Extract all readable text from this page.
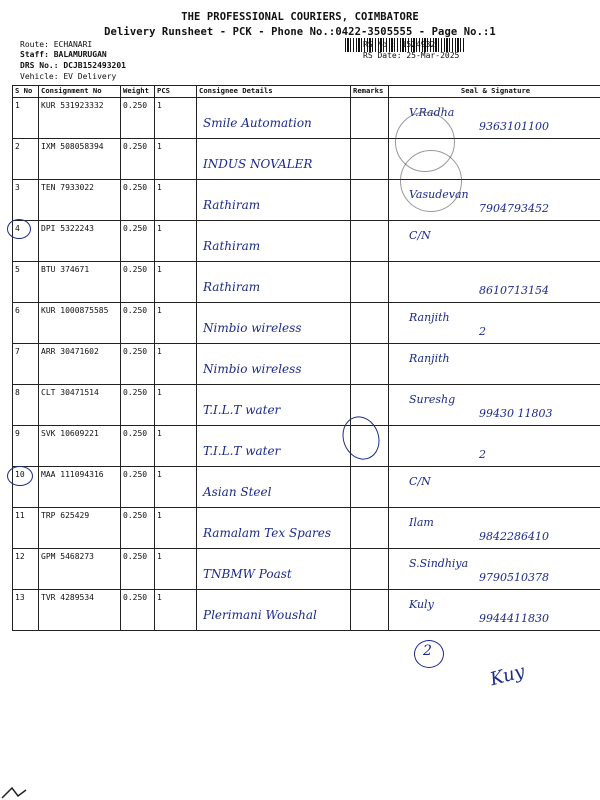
THE PROFESSIONAL COURIERS, COIMBATORE
Delivery Runsheet - PCK - Phone No.:0422-3505555 - Page No.:1
Route: ECHANARI
Staff: BALAMURUGAN
DRS No.: DCJB152493201
Vehicle: EV Delivery
RS No.: 1524932
RS Date: 25-Mar-2025
S No	Consignment No	Weight	PCS	Consignee Details	Remarks	Seal & Signature

1	KUR 531923332	0.250	1	Smile Automation		V.Radha
9363101100

2	IXM 508058394	0.250	1	INDUS NOVALER		

3	TEN 7933022	0.250	1	Rathiram		Vasudevan
7904793452

4	DPI 5322243	0.250	1	Rathiram		C/N

5	BTU 374671	0.250	1	Rathiram		8610713154

6	KUR 1000875585	0.250	1	Nimbio wireless		Ranjith
2

7	ARR 30471602	0.250	1	Nimbio wireless		Ranjith

8	CLT 30471514	0.250	1	T.I.L.T water		Sureshg
99430 11803

9	SVK 10609221	0.250	1	T.I.L.T water		2

10	MAA 111094316	0.250	1	Asian Steel		C/N

11	TRP 625429	0.250	1	Ramalam Tex Spares		Ilam
9842286410

12	GPM 5468273	0.250	1	TNBMW Poast		S.Sindhiya
9790510378

13	TVR 4289534	0.250	1	Plerimani Woushal		Kuly
9944411830
2
Kuy
